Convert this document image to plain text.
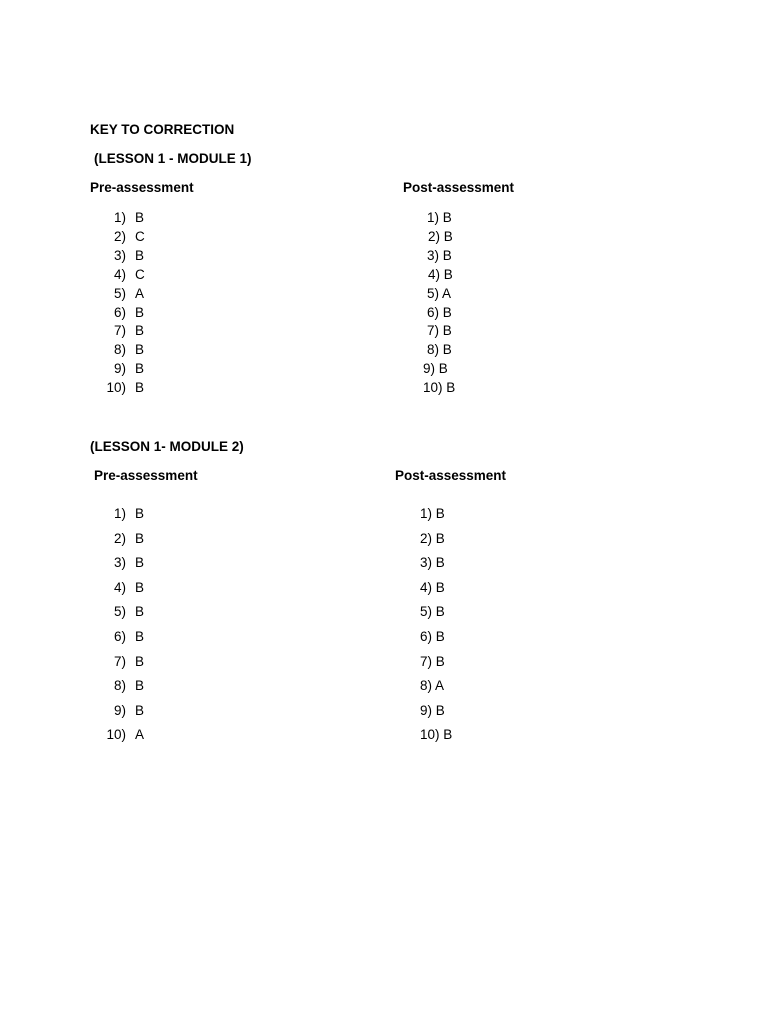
KEY TO CORRECTION
(LESSON 1 - MODULE 1)
Pre-assessment	Post-assessment
1) B
2) C
3) B
4) C
5) A
6) B
7) B
8) B
9) B
10) B
1) B
2) B
3) B
4) B
5) A
6) B
7) B
8) B
9) B
10) B
(LESSON 1- MODULE 2)
Pre-assessment	Post-assessment
1) B
2) B
3) B
4) B
5) B
6) B
7) B
8) B
9) B
10) A
1) B
2) B
3) B
4) B
5) B
6) B
7) B
8) A
9) B
10) B
